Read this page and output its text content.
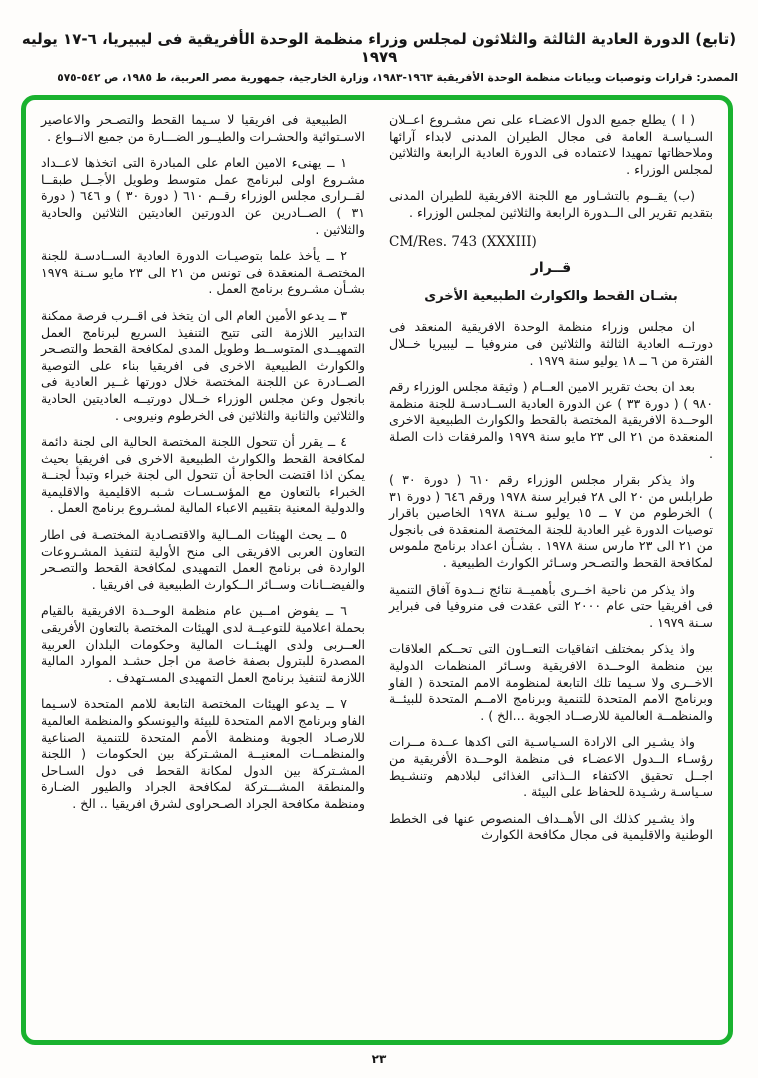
(تابع) الدورة العادية الثالثة والثلاثون لمجلس وزراء منظمة الوحدة الأفريقية فى ليبيريا، ٦-١٧ يوليه ١٩٧٩
المصدر: قرارات وتوصيات وبيانات منظمة الوحدة الأفريقية ١٩٦٣-١٩٨٣، وزارة الخارجية، جمهورية مصر العربية، ط ١٩٨٥، ص ٥٤٢-٥٧٥

( ا ) يطلع جميع الدول الاعضـاء على نص مشـروع اعــلان السـياسـة العامة فى مجال الطيران المدنى لابداء آرائها وملاحظاتها تمهيدا لاعتماده فى الدورة العادية الرابعة والثلاثين لمجلس الوزراء .

(ب) يقــوم بالتشـاور مع اللجنة الافريقية للطيران المدنى بتقديم تقرير الى الــدورة الرابعة والثلاثين لمجلس الوزراء .

CM/Res. 743 (XXXIII)

قــرار

بشـان القحط والكوارث الطبيعية الأخرى

ان مجلس وزراء منظمة الوحدة الافريقية المنعقد فى دورتــه العادية الثالثة والثلاثين فى منروفيا ــ ليبيريا خــلال الفترة من ٦ ــ ١٨ يوليو سنة ١٩٧٩ .

بعد ان بحث تقرير الامين العــام ( وثيقة مجلس الوزراء رقم ٩٨٠ ) ( دورة ٣٣ ) عن الدورة العادية الســادسـة للجنة منظمة الوحــدة الافريقية المختصة بالقحط والكوارث الطبيعية الاخرى المنعقدة من ٢١ الى ٢٣ مايو سنة ١٩٧٩ والمرفقات ذات الصلة .

واذ يذكر بقرار مجلس الوزراء رقم ٦١٠ ( دورة ٣٠ ) طرابلس من ٢٠ الى ٢٨ فبراير سنة ١٩٧٨ ورقم ٦٤٦ ( دورة ٣١ ) الخرطوم من ٧ ــ ١٥ يوليو سـنة ١٩٧٨ الخاصين باقرار توصيات الدورة غير العادية للجنة المختصة المنعقدة فى بانجول من ٢١ الى ٢٣ مارس سنة ١٩٧٨ . بشـأن اعداد برنامج ملموس لمكافحة القحط والتصـحر وسـائر الكوارث الطبيعية .

واذ يذكر من ناحية اخــرى بأهميــة نتائج نــدوة آفاق التنمية فى افريقيا حتى عام ٢٠٠٠ التى عقدت فى منروفيا فى فبراير سـنة ١٩٧٩ .

واذ يذكر بمختلف اتفاقيات التعــاون التى تحــكم العلاقات بين منظمة الوحــدة الافريقية وسـائر المنظمات الدولية الاخــرى ولا سـيما تلك التابعة لمنظومة الامم المتحدة ( الفاو وبرنامج الامم المتحدة للتنمية وبرنامج الامــم المتحدة للبيئــة والمنظمــة العالمية للارصــاد الجوية ...الخ ) .

واذ يشـير الى الارادة السـياسـية التى اكدها عــدة مــرات رؤسـاء الــدول الاعضـاء فى منظمة الوحــدة الأفريقية من اجــل تحقيق الاكتفاء الــذاتى الغذائى لبلادهم وتنشـيط سـياسـة رشـيدة للحفاظ على البيئة .

واذ يشـير كذلك الى الأهــداف المنصوص عنها فى الخطط الوطنية والاقليمية فى مجال مكافحة الكوارث

الطبيعية فى افريقيا لا سـيما القحط والتصـحر والاعاصير الاسـتوائية والحشـرات والطيــور الضـــارة من جميع الانــواع .

١ ــ يهنىء الامين العام على المبادرة التى اتخذها لاعــداد مشـروع اولى لبرنامج عمل متوسط وطويل الأجــل طبقــا لقــرارى مجلس الوزراء رقــم ٦١٠ ( دورة ٣٠ ) و ٦٤٦ ( دورة ٣١ ) الصــادرين عن الدورتين العاديتين الثلاثين والحادية والثلاثين .

٢ ــ يأخذ علما بتوصيـات الدورة العادية الســادسـة للجنة المختصـة المنعقدة فى تونس من ٢١ الى ٢٣ مايو سـنة ١٩٧٩ بشـأن مشـروع برنامج العمل .

٣ ــ يدعو الأمين العام الى ان يتخذ فى اقــرب فرصة ممكنة التدابير اللازمة التى تتيح التنفيذ السريع لبرنامج العمل التمهيــدى المتوســط وطويل المدى لمكافحة القحط والتصـحر والكوارث الطبيعية الاخرى فى افريقيا بناء على التوصية الصــادرة عن اللجنة المختصة خلال دورتها غــير العادية فى بانجول وعن مجلس الوزراء خــلال دورتيــه العاديتين الحادية والثلاثين والثانية والثلاثين فى الخرطوم ونيروبى .

٤ ــ يقرر أن تتحول اللجنة المختصة الحالية الى لجنة دائمة لمكافحة القحط والكوارث الطبيعية الاخرى فى افريقيا بحيث يمكن اذا اقتضت الحاجة أن تتحول الى لجنة خبراء وتبدأ لجنــة الخبراء بالتعاون مع المؤسـسـات شـبه الاقليمية والاقليمية والدولية المعنية بتقييم الاعباء المالية لمشـروع برنامج العمل .

٥ ــ يحث الهيئات المــالية والاقتصـادية المختصـة فى اطار التعاون العربى الافريقى الى منح الأولية لتنفيذ المشـروعات الواردة فى برنامج العمل التمهيدى لمكافحة القحط والتصـحر والفيضــانات وســائر الــكوارث الطبيعية فى افريقيا .

٦ ــ يفوض امــين عام منظمة الوحــدة الافريقية بالقيام بحملة اعلامية للتوعيــة لدى الهيئات المختصة بالتعاون الأفريقى العــربى ولدى الهيئــات المالية وحكومات البلدان العربية المصدرة للبترول بصفة خاصة من اجل حشـد الموارد المالية اللازمة لتنفيذ برنامج العمل التمهيدى المسـتهدف .

٧ ــ يدعو الهيئات المختصة التابعة للامم المتحدة لاسـيما الفاو وبرنامج الامم المتحدة للبيئة واليونسكو والمنظمة العالمية للارصـاد الجوية ومنظمة الأمم المتحدة للتنمية الصناعية والمنظمــات المعنيــة المشـتركة بين الحكومات ( اللجنة المشـتركة بين الدول لمكانة القحط فى دول السـاحل والمنطقة المشـــتركة لمكافحة الجراد والطيور الضـارة ومنظمة مكافحة الجراد الصـحراوى لشرق افريقيا .. الخ .

٢٣
